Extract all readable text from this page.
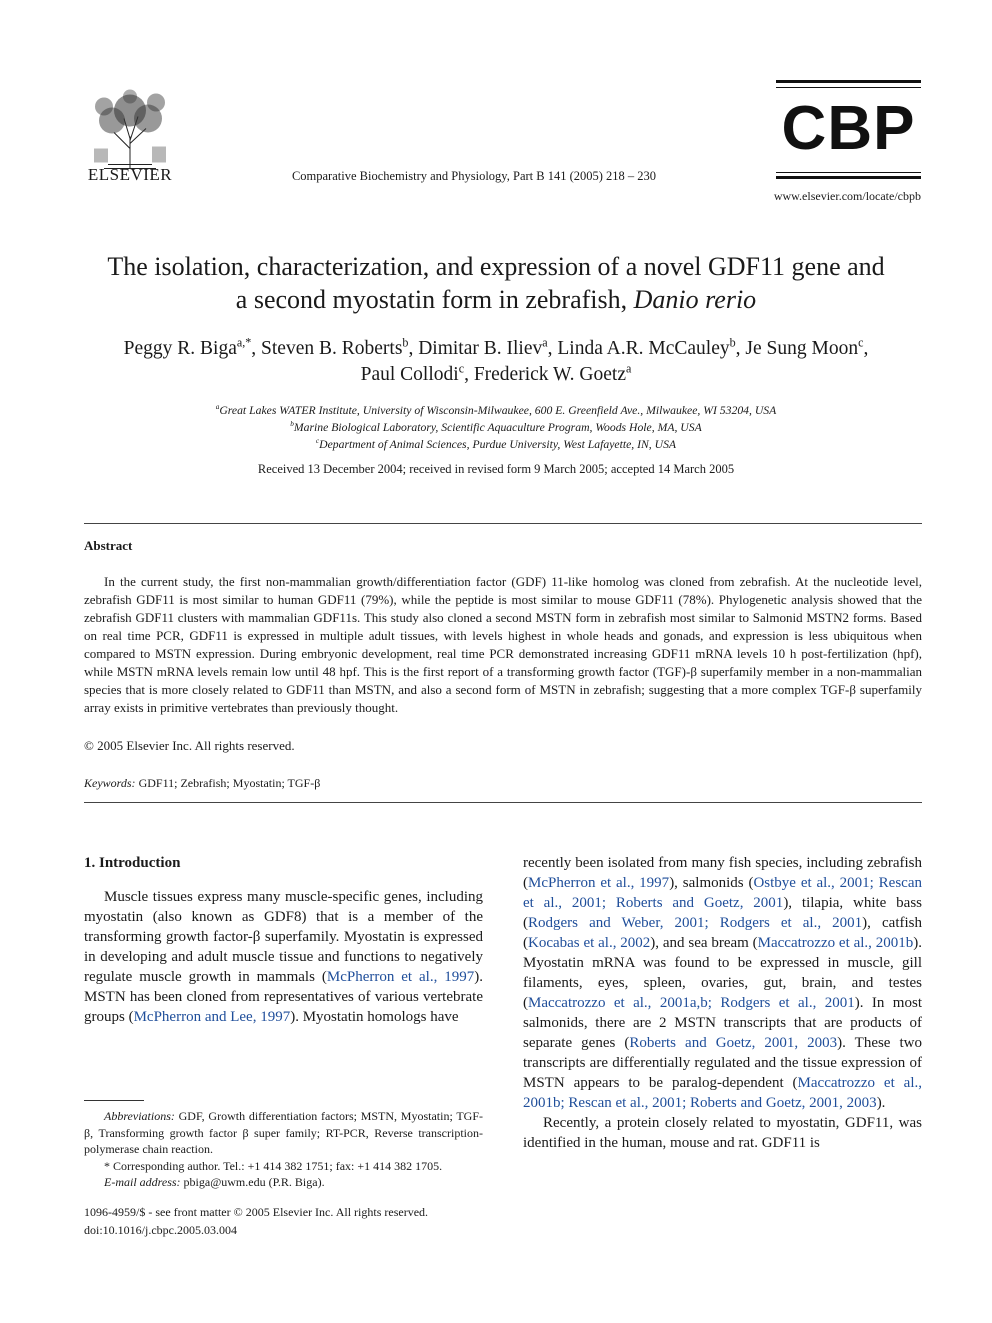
ELSEVIER	Comparative Biochemistry and Physiology, Part B 141 (2005) 218 – 230
CBP
www.elsevier.com/locate/cbpb
The isolation, characterization, and expression of a novel GDF11 gene and
a second myostatin form in zebrafish, Danio rerio
Peggy R. Biga$^{a,*}$, Steven B. Roberts$^b$, Dimitar B. Iliev$^a$, Linda A.R. McCauley$^b$, Je Sung Moon$^c$,
Paul Collodi$^c$, Frederick W. Goetz$^a$
$^a$Great Lakes WATER Institute, University of Wisconsin-Milwaukee, 600 E. Greenfield Ave., Milwaukee, WI 53204, USA
$^b$Marine Biological Laboratory, Scientific Aquaculture Program, Woods Hole, MA, USA
$^c$Department of Animal Sciences, Purdue University, West Lafayette, IN, USA
Received 13 December 2004; received in revised form 9 March 2005; accepted 14 March 2005
Abstract
In the current study, the first non-mammalian growth/differentiation factor (GDF) 11-like homolog was cloned from zebrafish. At the nucleotide level, zebrafish GDF11 is most similar to human GDF11 (79%), while the peptide is most similar to mouse GDF11 (78%). Phylogenetic analysis showed that the zebrafish GDF11 clusters with mammalian GDF11s. This study also cloned a second MSTN form in zebrafish most similar to Salmonid MSTN2 forms. Based on real time PCR, GDF11 is expressed in multiple adult tissues, with levels highest in whole heads and gonads, and expression is less ubiquitous when compared to MSTN expression. During embryonic development, real time PCR demonstrated increasing GDF11 mRNA levels 10 h post-fertilization (hpf), while MSTN mRNA levels remain low until 48 hpf. This is the first report of a transforming growth factor (TGF)-β superfamily member in a non-mammalian species that is more closely related to GDF11 than MSTN, and also a second form of MSTN in zebrafish; suggesting that a more complex TGF-β superfamily array exists in primitive vertebrates than previously thought.
© 2005 Elsevier Inc. All rights reserved.
Keywords: GDF11; Zebrafish; Myostatin; TGF-β

1. Introduction

Muscle tissues express many muscle-specific genes, including myostatin (also known as GDF8) that is a member of the transforming growth factor-β superfamily. Myostatin is expressed in developing and adult muscle tissue and functions to negatively regulate muscle growth in mammals (McPherron et al., 1997). MSTN has been cloned from representatives of various vertebrate groups (McPherron and Lee, 1997). Myostatin homologs have

recently been isolated from many fish species, including zebrafish (McPherron et al., 1997), salmonids (Ostbye et al., 2001; Rescan et al., 2001; Roberts and Goetz, 2001), tilapia, white bass (Rodgers and Weber, 2001; Rodgers et al., 2001), catfish (Kocabas et al., 2002), and sea bream (Maccatrozzo et al., 2001b). Myostatin mRNA was found to be expressed in muscle, gill filaments, eyes, spleen, ovaries, gut, brain, and testes (Maccatrozzo et al., 2001a,b; Rodgers et al., 2001). In most salmonids, there are 2 MSTN transcripts that are products of separate genes (Roberts and Goetz, 2001, 2003). These two transcripts are differentially regulated and the tissue expression of MSTN appears to be paralog-dependent (Maccatrozzo et al., 2001b; Rescan et al., 2001; Roberts and Goetz, 2001, 2003).

Recently, a protein closely related to myostatin, GDF11, was identified in the human, mouse and rat. GDF11 is

Abbreviations: GDF, Growth differentiation factors; MSTN, Myostatin; TGF-β, Transforming growth factor β super family; RT-PCR, Reverse transcription-polymerase chain reaction.

* Corresponding author. Tel.: +1 414 382 1751; fax: +1 414 382 1705.

E-mail address: pbiga@uwm.edu (P.R. Biga).

1096-4959/$ - see front matter © 2005 Elsevier Inc. All rights reserved.
doi:10.1016/j.cbpc.2005.03.004
